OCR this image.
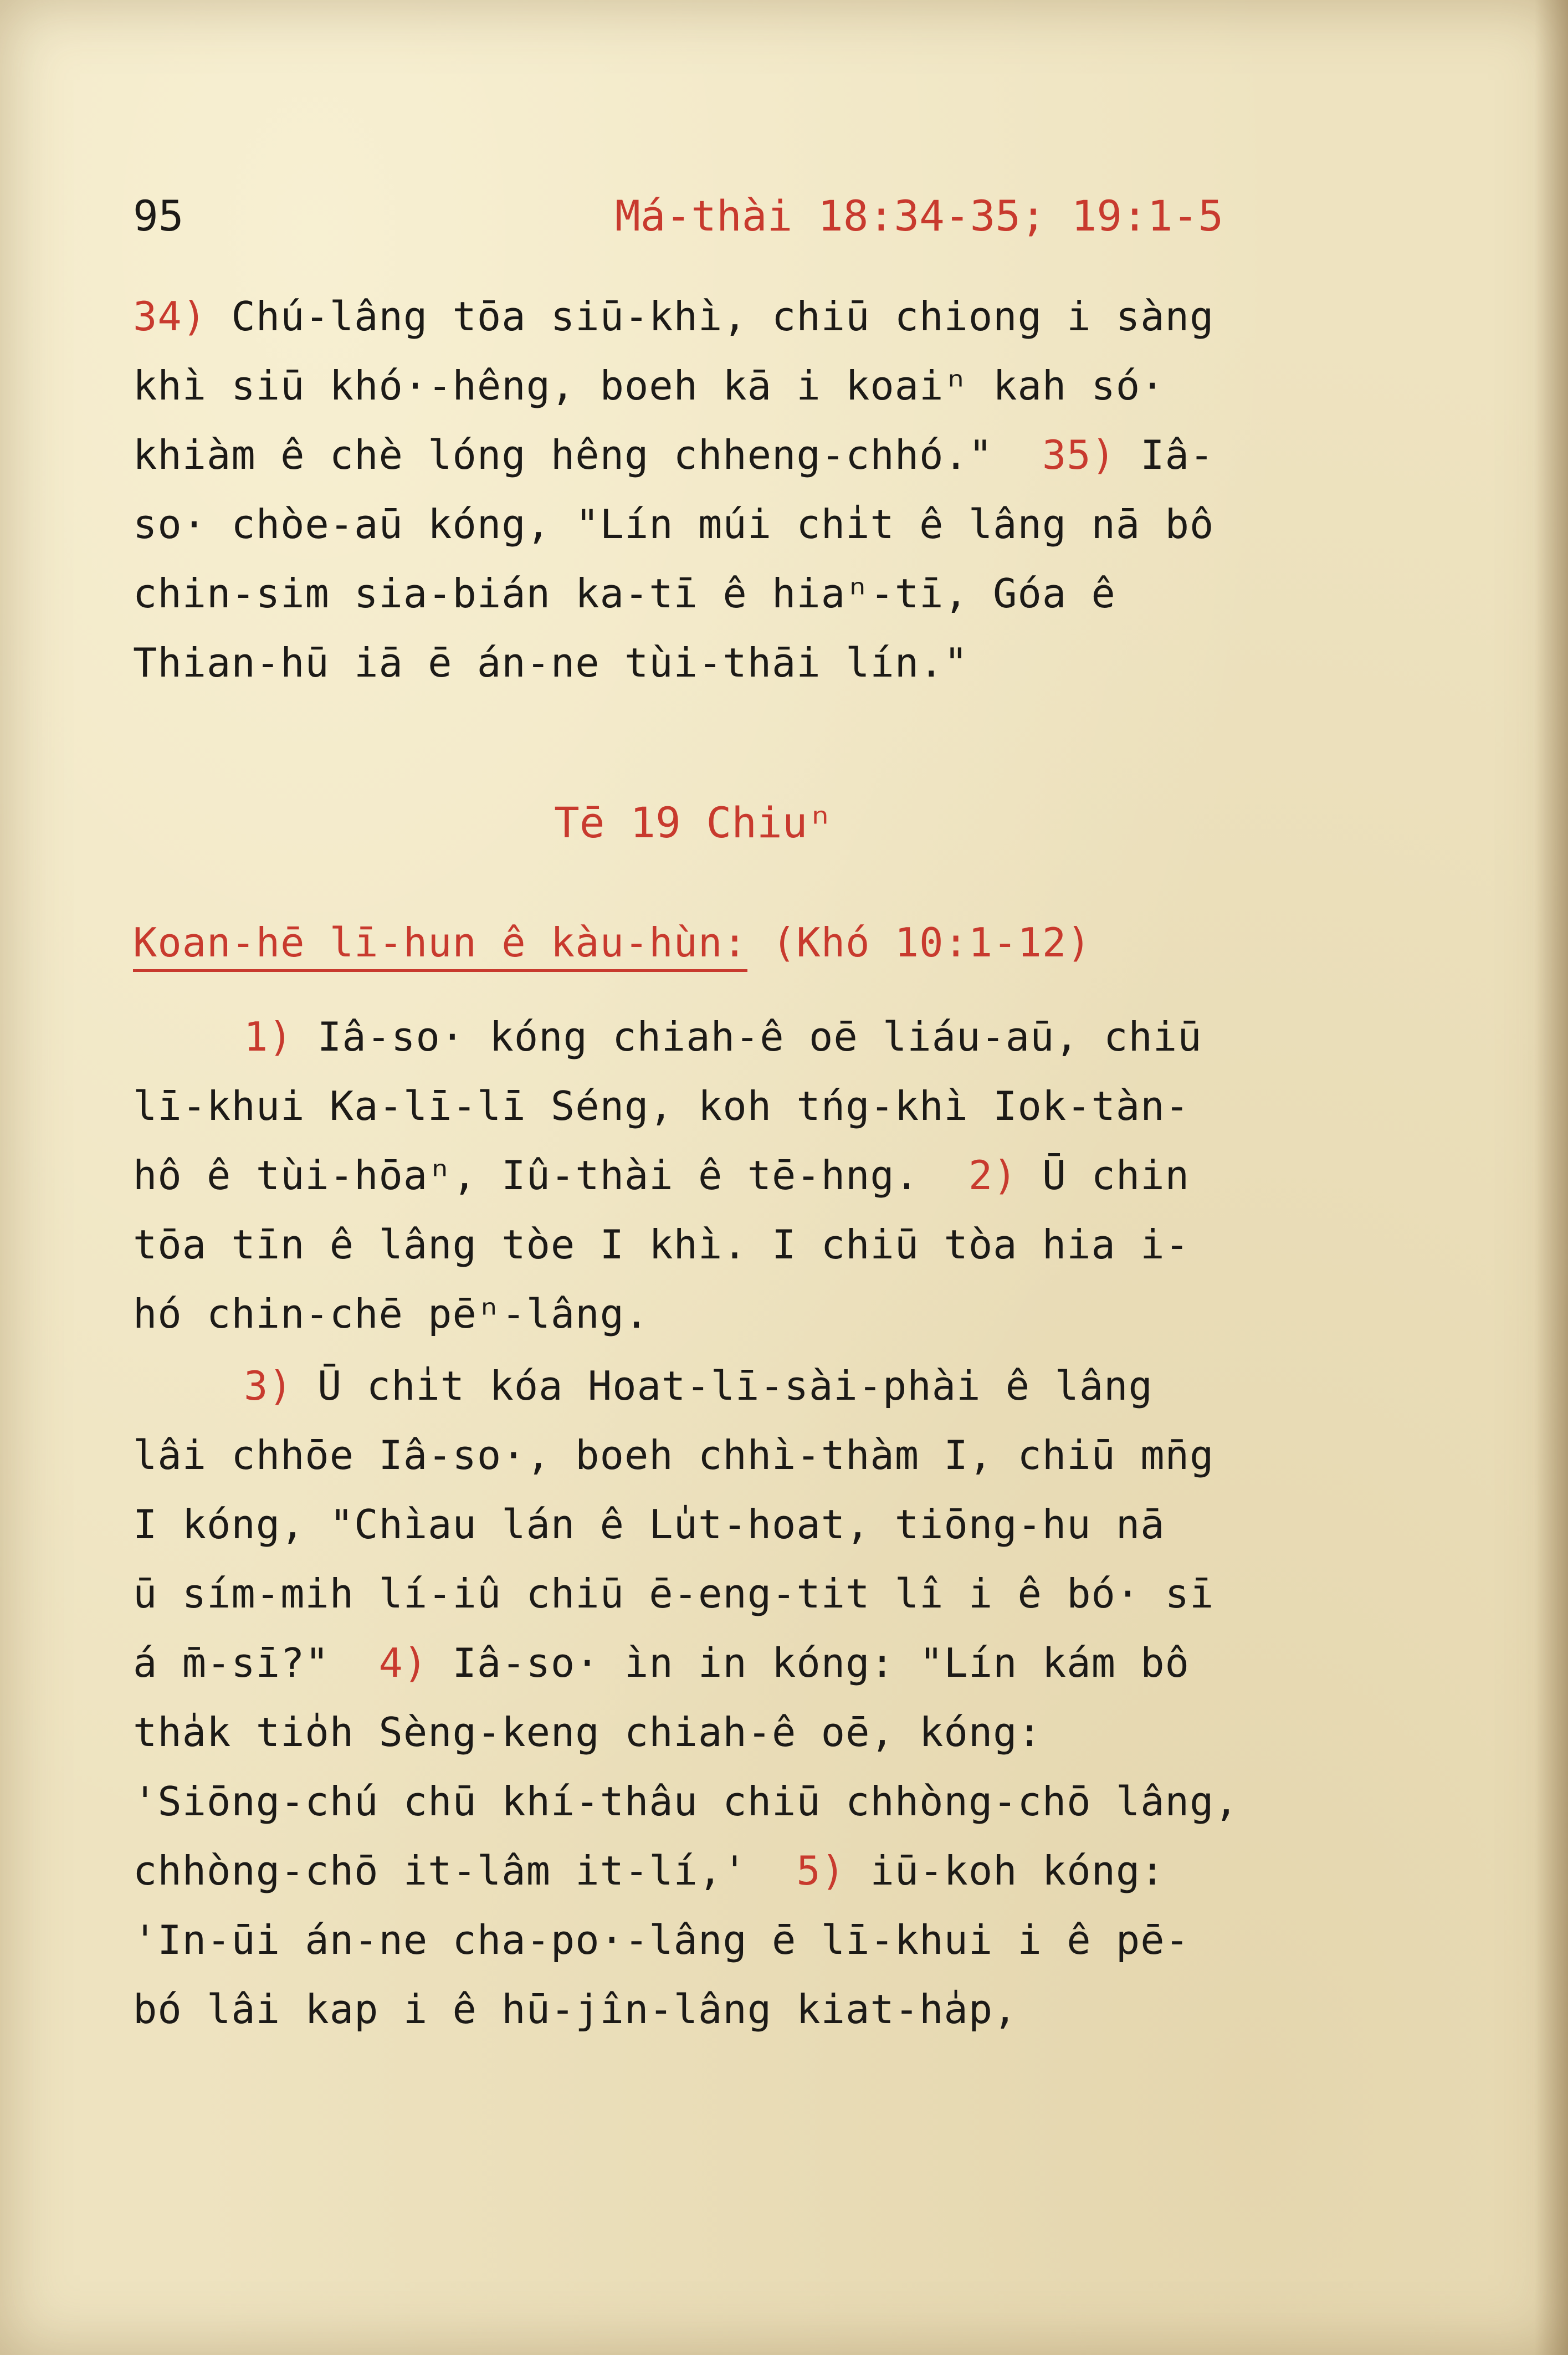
95	Má-thài 18:34-35; 19:1-5
34) Chú-lâng tōa siū-khì, chiū chiong i sàng
khì siū khó·-hêng, boeh kā i koaiⁿ kah só·
khiàm ê chè lóng hêng chheng-chhó."  35) Iâ-
so· chòe-aū kóng, "Lín múi chi̍t ê lâng nā bô
chin-sim sia-bián ka-tī ê hiaⁿ-tī, Góa ê
Thian-hū iā ē án-ne tùi-thāi lín."
Tē 19 Chiuⁿ
Koan-hē lī-hun ê kàu-hùn: (Khó 10:1-12)
1) Iâ-so· kóng chiah-ê oē liáu-aū, chiū
lī-khui Ka-lī-lī Séng, koh tńg-khì Iok-tàn-
hô ê tùi-hōaⁿ, Iû-thài ê tē-hng.  2) Ū chin
tōa tīn ê lâng tòe I khì. I chiū tòa hia i-
hó chin-chē pēⁿ-lâng.
3) Ū chi̍t kóa Hoat-lī-sài-phài ê lâng
lâi chhōe Iâ-so·, boeh chhì-thàm I, chiū mn̄g
I kóng, "Chìau lán ê Lu̍t-hoat, tiōng-hu nā
ū sím-mih lí-iû chiū ē-eng-tit lî i ê bó· sī
á m̄-sī?"  4) Iâ-so· ìn in kóng: "Lín kám bô
tha̍k tio̍h Sèng-keng chiah-ê oē, kóng:
'Siōng-chú chū khí-thâu chiū chhòng-chō lâng,
chhòng-chō it-lâm it-lí,'  5) iū-koh kóng:
'In-ūi án-ne cha-po·-lâng ē lī-khui i ê pē-
bó lâi kap i ê hū-jîn-lâng kiat-ha̍p,
